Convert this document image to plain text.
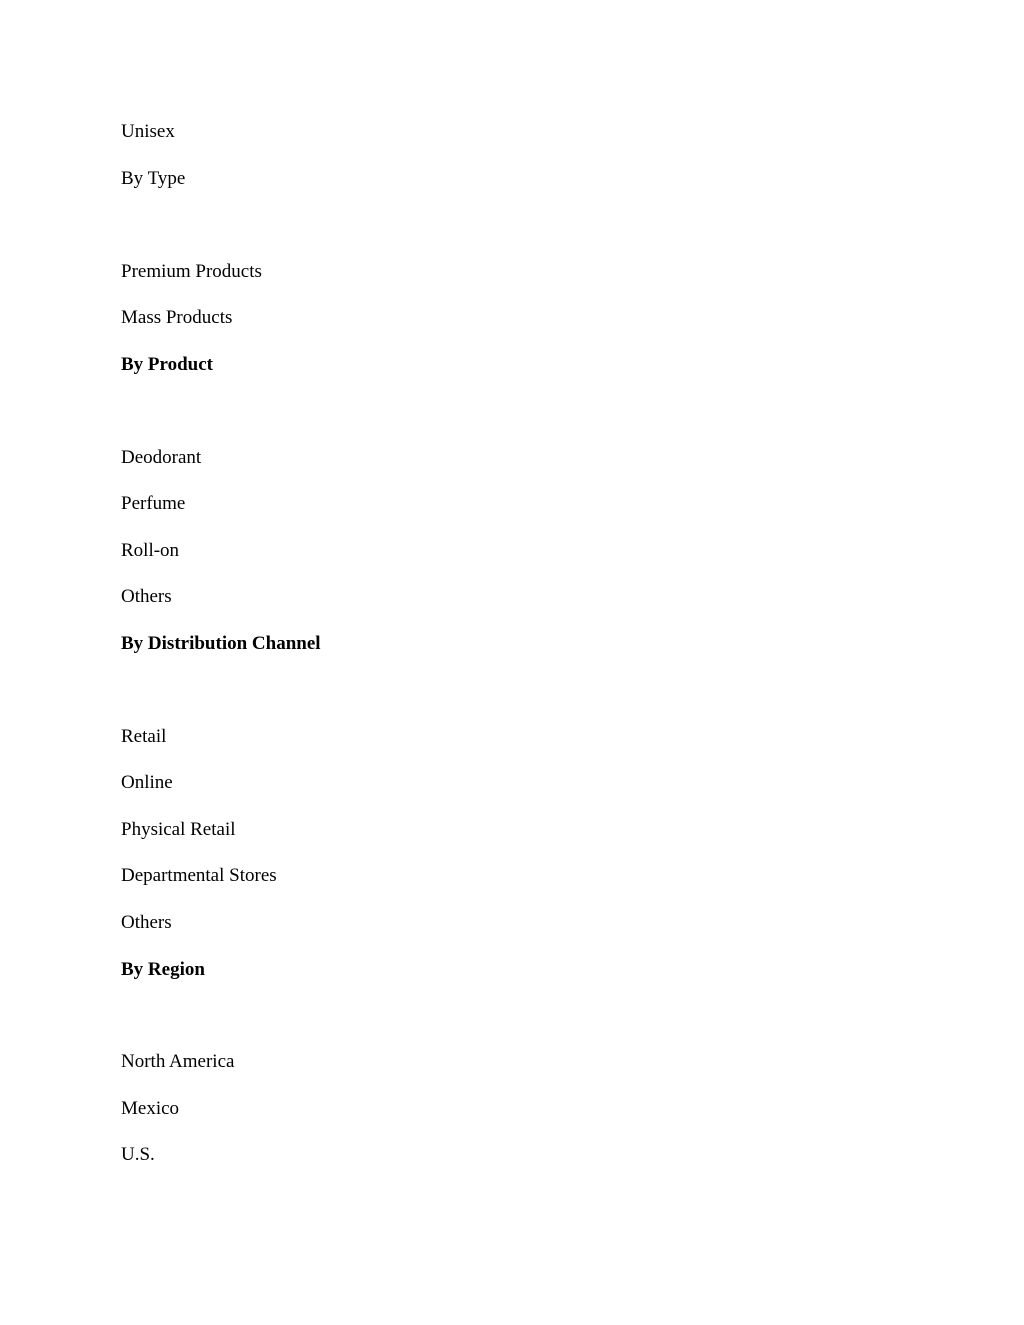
Unisex
By Type
Premium Products
Mass Products
By Product
Deodorant
Perfume
Roll-on
Others
By Distribution Channel
Retail
Online
Physical Retail
Departmental Stores
Others
By Region
North America
Mexico
U.S.
